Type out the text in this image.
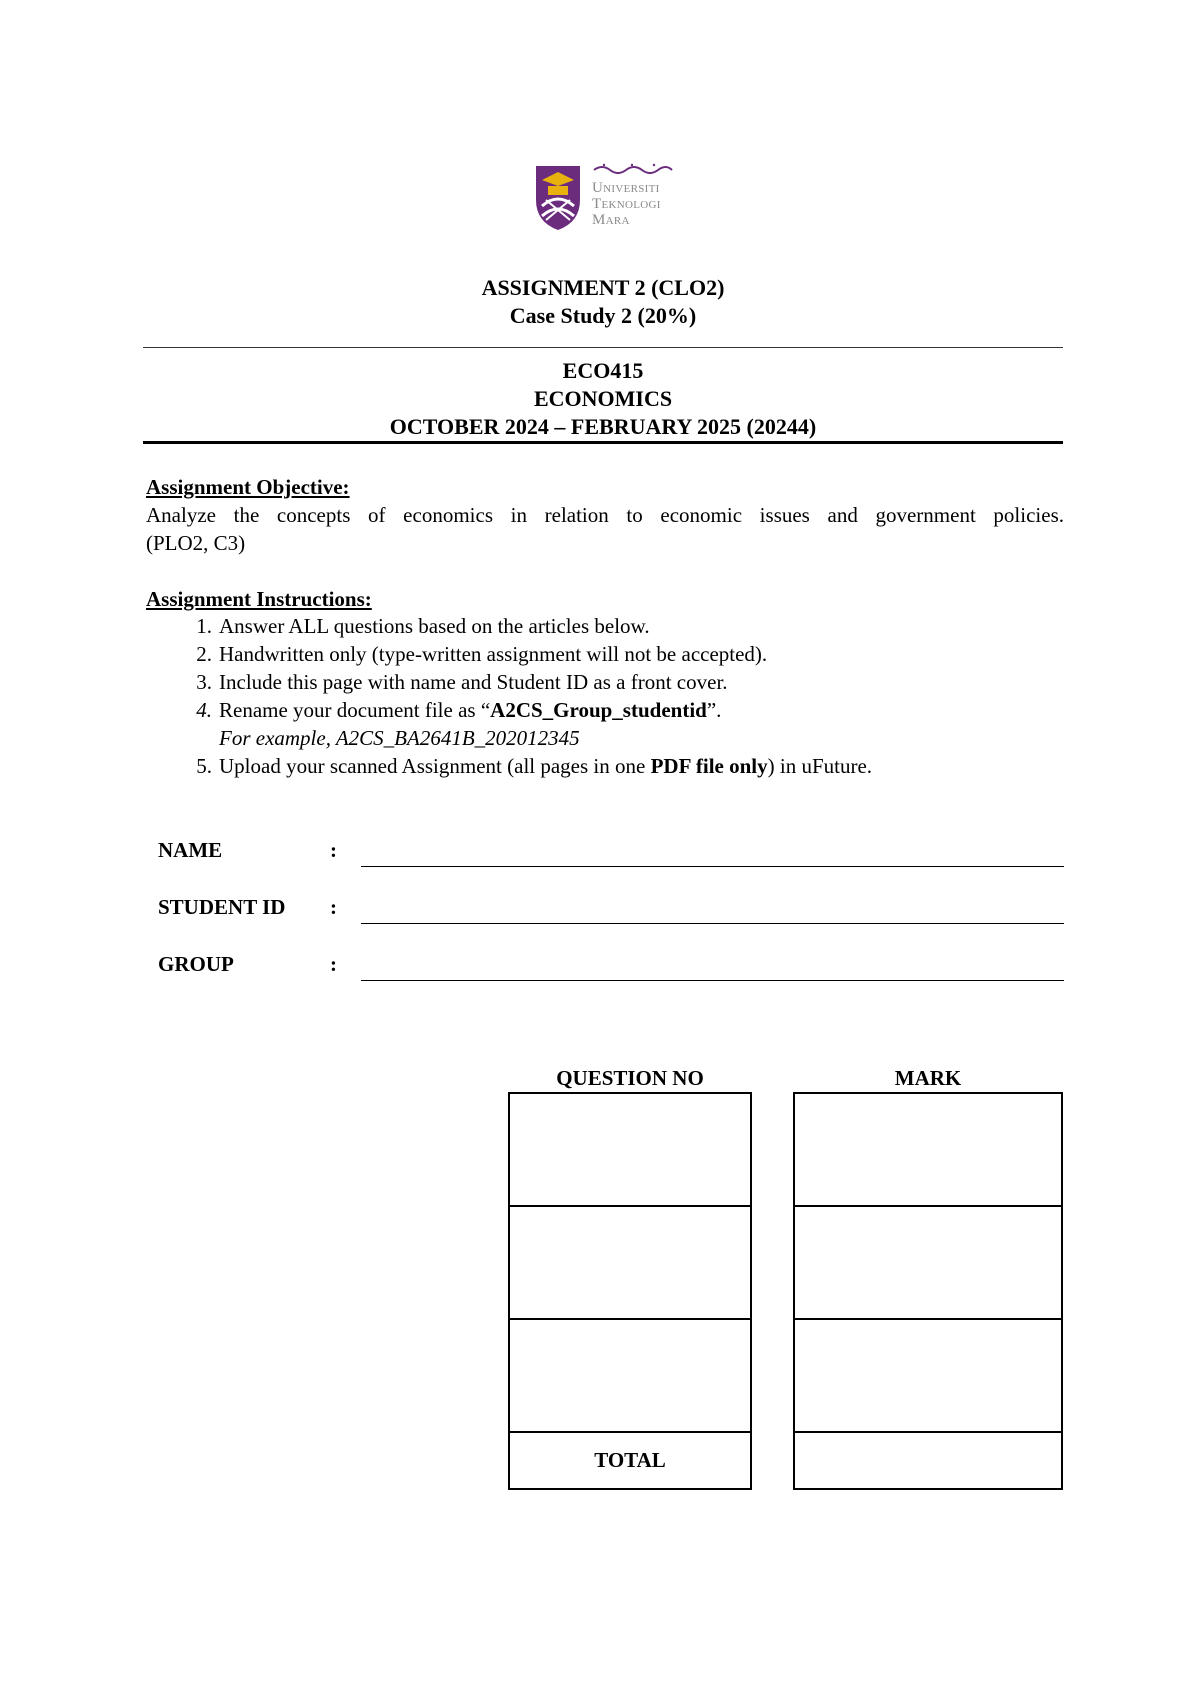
Universiti
Teknologi
Mara
ASSIGNMENT 2 (CLO2)
Case Study 2 (20%)
ECO415
ECONOMICS
OCTOBER 2024 – FEBRUARY 2025 (20244)
Assignment Objective:
Analyze the concepts of economics in relation to economic issues and government policies.
(PLO2, C3)
Assignment Instructions:
1. Answer ALL questions based on the articles below.
2. Handwritten only (type-written assignment will not be accepted).
3. Include this page with name and Student ID as a front cover.
4. Rename your document file as “A2CS_Group_studentid”.
For example, A2CS_BA2641B_202012345
5. Upload your scanned Assignment (all pages in one PDF file only) in uFuture.
NAME	:
STUDENT ID :
GROUP	:
QUESTION NO	MARK
TOTAL
